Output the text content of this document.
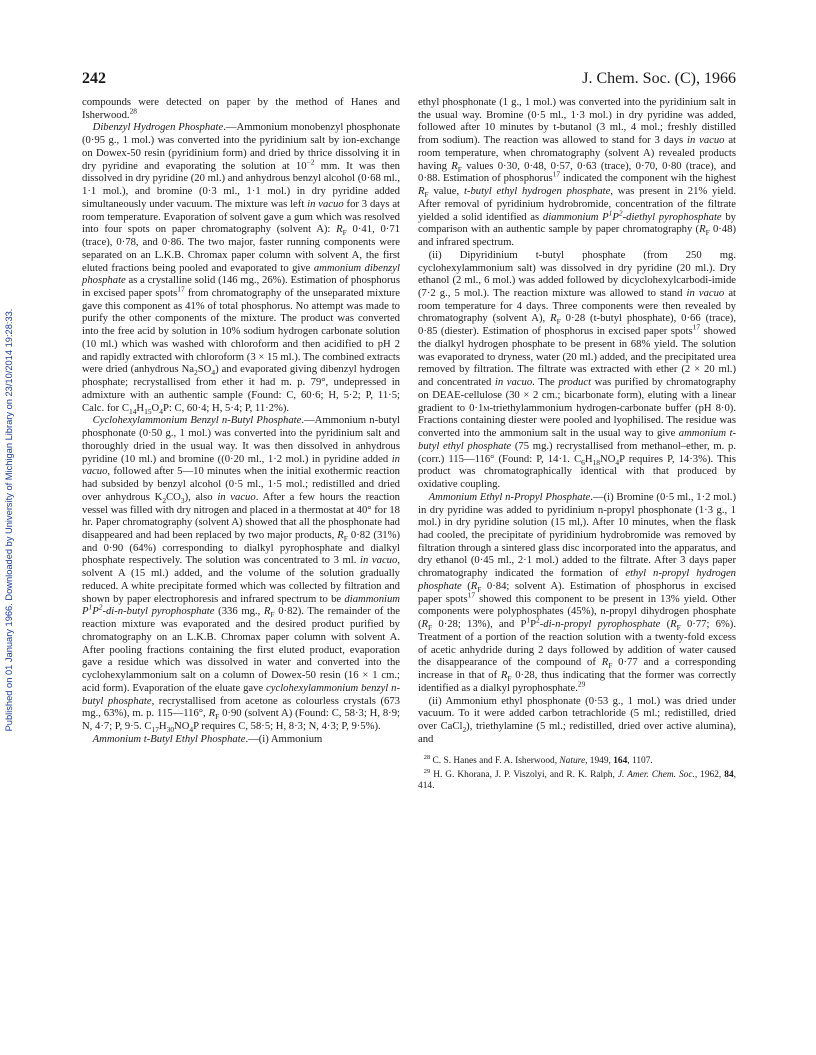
Published on 01 January 1966. Downloaded by University of Michigan Library on 23/10/2014 19:28:33.
242	J. Chem. Soc. (C), 1966

compounds were detected on paper by the method of Hanes and Isherwood.$^{28}$

Dibenzyl Hydrogen Phosphate.—Ammonium monobenzyl phosphonate (0·95 g., 1 mol.) was converted into the pyridinium salt by ion-exchange on Dowex-50 resin (pyridinium form) and dried by thrice dissolving it in dry pyridine and evaporating the solution at $10^{-2}$ mm. It was then dissolved in dry pyridine (20 ml.) and anhydrous benzyl alcohol (0·68 ml., 1·1 mol.), and bromine (0·3 ml., 1·1 mol.) in dry pyridine added simultaneously under vacuum. The mixture was left in vacuo for 3 days at room temperature. Evaporation of solvent gave a gum which was resolved into four spots on paper chromatography (solvent A): $R_F$ 0·41, 0·71 (trace), 0·78, and 0·86. The two major, faster running components were separated on an L.K.B. Chromax paper column with solvent A, the first eluted fractions being pooled and evaporated to give ammonium dibenzyl phosphate as a crystalline solid (146 mg., 26%). Estimation of phosphorus in excised paper spots$^{17}$ from chromatography of the unseparated mixture gave this component as 41% of total phosphorus. No attempt was made to purify the other components of the mixture. The product was converted into the free acid by solution in 10% sodium hydrogen carbonate solution (10 ml.) which was washed with chloroform and then acidified to pH 2 and rapidly extracted with chloroform (3 × 15 ml.). The combined extracts were dried (anhydrous $Na_2SO_4$) and evaporated giving dibenzyl hydrogen phosphate; recrystallised from ether it had m. p. 79°, undepressed in admixture with an authentic sample (Found: C, 60·6; H, 5·2; P, 11·5; Calc. for $C_{14}H_{15}O_4P$: C, 60·4; H, 5·4; P, 11·2%).

Cyclohexylammonium Benzyl n-Butyl Phosphate.—Ammonium n-butyl phosphonate (0·50 g., 1 mol.) was converted into the pyridinium salt and thoroughly dried in the usual way. It was then dissolved in anhydrous pyridine (10 ml.) and bromine ((0·20 ml., 1·2 mol.) in pyridine added in vacuo, followed after 5—10 minutes when the initial exothermic reaction had subsided by benzyl alcohol (0·5 ml., 1·5 mol.; redistilled and dried over anhydrous $K_2CO_3$), also in vacuo. After a few hours the reaction vessel was filled with dry nitrogen and placed in a thermostat at 40° for 18 hr. Paper chromatography (solvent A) showed that all the phosphonate had disappeared and had been replaced by two major products, $R_F$ 0·82 (31%) and 0·90 (64%) corresponding to dialkyl pyrophosphate and dialkyl phosphate respectively. The solution was concentrated to 3 ml. in vacuo, solvent A (15 ml.) added, and the volume of the solution gradually reduced. A white precipitate formed which was collected by filtration and shown by paper electrophoresis and infrared spectrum to be diammonium $P^1P^2-di-n$-butyl pyrophosphate (336 mg., $R_F$ 0·82). The remainder of the reaction mixture was evaporated and the desired product purified by chromatography on an L.K.B. Chromax paper column with solvent A. After pooling fractions containing the first eluted product, evaporation gave a residue which was dissolved in water and converted into the cyclohexylammonium salt on a column of Dowex-50 resin (16 × 1 cm.; acid form). Evaporation of the eluate gave cyclohexylammonium benzyl n-butyl phosphate, recrystallised from acetone as colourless crystals (673 mg., 63%), m. p. 115—116°, $R_F$ 0·90 (solvent A) (Found: C, 58·3; H, 8·9; N, 4·7; P, 9·5. $C_{17}H_{30}NO_4P$ requires C, 58·5; H, 8·3; N, 4·3; P, 9·5%).

Ammonium t-Butyl Ethyl Phosphate.—(i) Ammonium

ethyl phosphonate (1 g., 1 mol.) was converted into the pyridinium salt in the usual way. Bromine (0·5 ml., 1·3 mol.) in dry pyridine was added, followed after 10 minutes by t-butanol (3 ml., 4 mol.; freshly distilled from sodium). The reaction was allowed to stand for 3 days in vacuo at room temperature, when chromatography (solvent A) revealed products having $R_F$ values 0·30, 0·48, 0·57, 0·63 (trace), 0·70, 0·80 (trace), and 0·88. Estimation of phosphorus$^{17}$ indicated the component wih the highest $R_F$ value, t-butyl ethyl hydrogen phosphate, was present in 21% yield. After removal of pyridinium hydrobromide, concentration of the filtrate yielded a solid identified as diammonium $P^1P^2$-diethyl pyrophosphate by comparison with an authentic sample by paper chromatography ($R_F$ 0·48) and infrared spectrum.

(ii) Dipyridinium t-butyl phosphate (from 250 mg. cyclohexylammonium salt) was dissolved in dry pyridine (20 ml.). Dry ethanol (2 ml., 6 mol.) was added followed by dicyclohexylcarbodi-imide (7·2 g., 5 mol.). The reaction mixture was allowed to stand in vacuo at room temperature for 4 days. Three components were then revealed by chromatography (solvent A), $R_F$ 0·28 (t-butyl phosphate), 0·66 (trace), 0·85 (diester). Estimation of phosphorus in excised paper spots$^{17}$ showed the dialkyl hydrogen phosphate to be present in 68% yield. The solution was evaporated to dryness, water (20 ml.) added, and the precipitated urea removed by filtration. The filtrate was extracted with ether (2 × 20 ml.) and concentrated in vacuo. The product was purified by chromatography on DEAE-cellulose (30 × 2 cm.; bicarbonate form), eluting with a linear gradient to 0·1m-triethylammonium hydrogen-carbonate buffer (pH 8·0). Fractions containing diester were pooled and lyophilised. The residue was converted into the ammonium salt in the usual way to give ammonium t-butyl ethyl phosphate (75 mg.) recrystallised from methanol–ether, m. p. (corr.) 115—116° (Found: P, 14·1. $C_6H_{18}NO_4P$ requires P, 14·3%). This product was chromatographically identical with that produced by oxidative coupling.

Ammonium Ethyl n-Propyl Phosphate.—(i) Bromine (0·5 ml., 1·2 mol.) in dry pyridine was added to pyridinium n-propyl phosphonate (1·3 g., 1 mol.) in dry pyridine solution (15 ml,). After 10 minutes, when the flask had cooled, the precipitate of pyridinium hydrobromide was removed by filtration through a sintered glass disc incorporated into the apparatus, and dry ethanol (0·45 ml., 2·1 mol.) added to the filtrate. After 3 days paper chromatography indicated the formation of ethyl n-propyl hydrogen phosphate ($R_F$ 0·84; solvent A). Estimation of phosphorus in excised paper spots$^{17}$ showed this component to be present in 13% yield. Other components were polyphosphates (45%), n-propyl dihydrogen phosphate ($R_F$ 0·28; 13%), and $P^1P^2-di-n$-propyl pyrophosphate ($R_F$ 0·77; 6%). Treatment of a portion of the reaction solution with a twenty-fold excess of acetic anhydride during 2 days followed by addition of water caused the disappearance of the compound of $R_F$ 0·77 and a corresponding increase in that of $R_F$ 0·28, thus indicating that the former was correctly identified as a dialkyl pyrophosphate.$^{29}$

(ii) Ammonium ethyl phosphonate (0·53 g., 1 mol.) was dried under vacuum. To it were added carbon tetrachloride (5 ml.; redistilled, dried over CaCl$_2$), triethylamine (5 ml.; redistilled, dried over active alumina), and

$^{28}$ C. S. Hanes and F. A. Isherwood, Nature, 1949, 164, 1107.

$^{29}$ H. G. Khorana, J. P. Viszolyi, and R. K. Ralph, J. Amer. Chem. Soc., 1962, 84, 414.
